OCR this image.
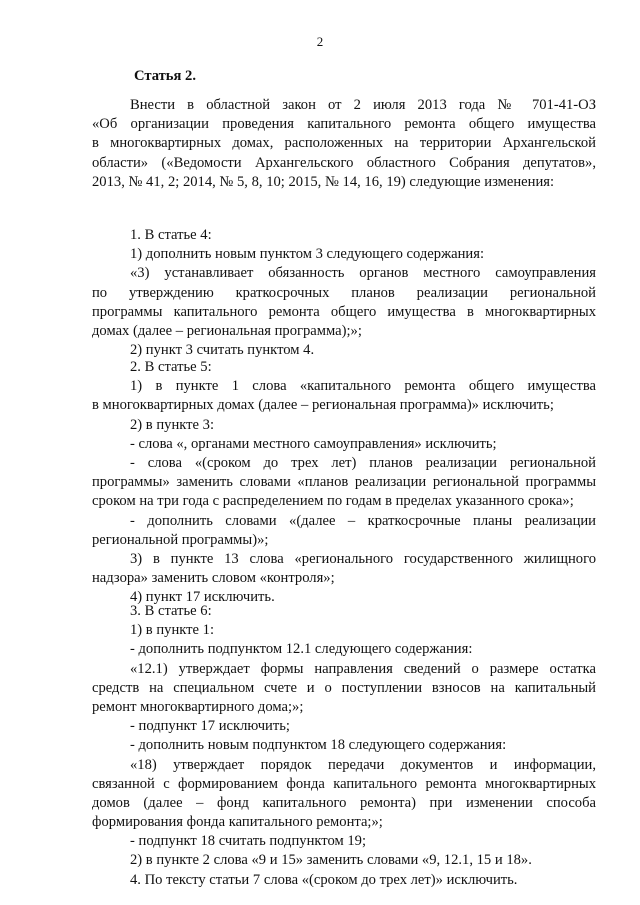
2
Статья 2.
Внести в областной закон от 2 июля 2013 года № 701-41-ОЗ
«Об организации проведения капитального ремонта общего имущества
в многоквартирных домах, расположенных на территории Архангельской
области» («Ведомости Архангельского областного Собрания депутатов»,
2013, № 41, 2; 2014, № 5, 8, 10; 2015, № 14, 16, 19) следующие изменения:
1. В статье 4:
1) дополнить новым пунктом 3 следующего содержания:
«3) устанавливает обязанность органов местного самоуправления
по утверждению краткосрочных планов реализации региональной
программы капитального ремонта общего имущества в многоквартирных
домах (далее – региональная программа);»;
2) пункт 3 считать пунктом 4.
2. В статье 5:
1) в пункте 1 слова «капитального ремонта общего имущества
в многоквартирных домах (далее – региональная программа)» исключить;
2) в пункте 3:
- слова «, органами местного самоуправления» исключить;
- слова «(сроком до трех лет) планов реализации региональной
программы» заменить словами «планов реализации региональной программы
сроком на три года с распределением по годам в пределах указанного срока»;
- дополнить словами «(далее – краткосрочные планы реализации
региональной программы)»;
3) в пункте 13 слова «регионального государственного жилищного
надзора» заменить словом «контроля»;
4) пункт 17 исключить.
3. В статье 6:
1) в пункте 1:
- дополнить подпунктом 12.1 следующего содержания:
«12.1) утверждает формы направления сведений о размере остатка
средств на специальном счете и о поступлении взносов на капитальный
ремонт многоквартирного дома;»;
- подпункт 17 исключить;
- дополнить новым подпунктом 18 следующего содержания:
«18) утверждает порядок передачи документов и информации,
связанной с формированием фонда капитального ремонта многоквартирных
домов (далее – фонд капитального ремонта) при изменении способа
формирования фонда капитального ремонта;»;
- подпункт 18 считать подпунктом 19;
2) в пункте 2 слова «9 и 15» заменить словами «9, 12.1, 15 и 18».
4. По тексту статьи 7 слова «(сроком до трех лет)» исключить.
